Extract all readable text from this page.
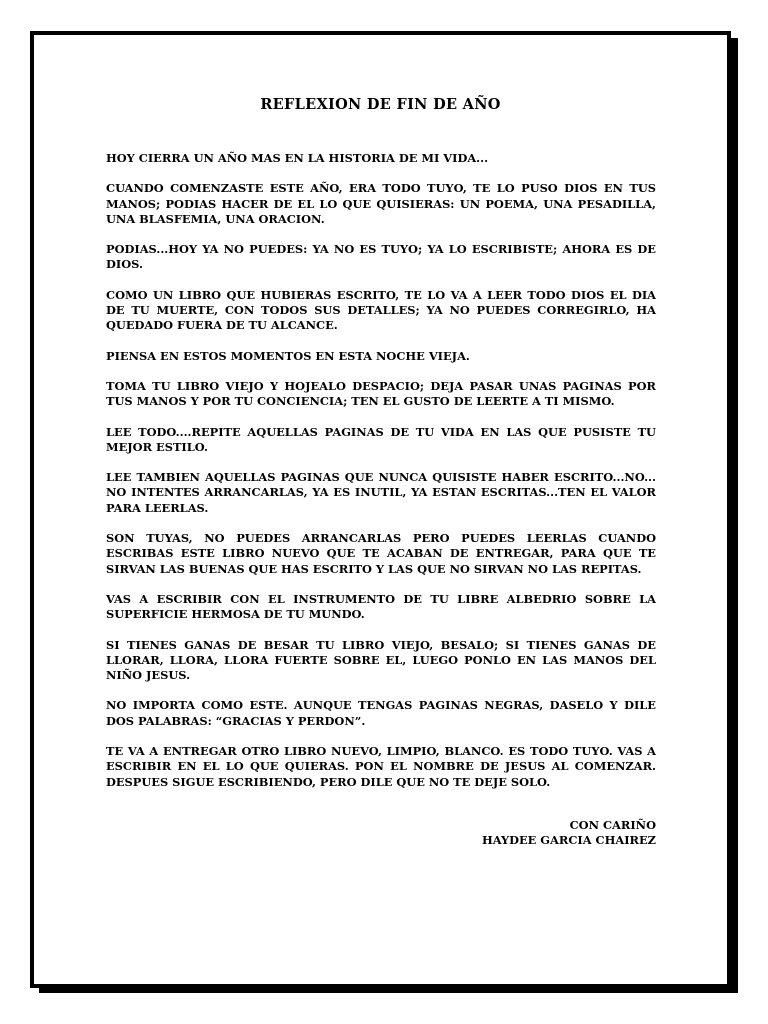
REFLEXION DE FIN DE AÑO

HOY CIERRA UN AÑO MAS EN LA HISTORIA DE MI VIDA...

CUANDO COMENZASTE ESTE AÑO, ERA TODO TUYO, TE LO PUSO DIOS EN TUS MANOS; PODIAS HACER DE EL LO QUE QUISIERAS: UN POEMA, UNA PESADILLA, UNA BLASFEMIA, UNA ORACION.

PODIAS...HOY YA NO PUEDES: YA NO ES TUYO; YA LO ESCRIBISTE; AHORA ES DE DIOS.

COMO UN LIBRO QUE HUBIERAS ESCRITO, TE LO VA A LEER TODO DIOS EL DIA DE TU MUERTE, CON TODOS SUS DETALLES; YA NO PUEDES CORREGIRLO, HA QUEDADO FUERA DE TU ALCANCE.

PIENSA EN ESTOS MOMENTOS EN ESTA NOCHE VIEJA.

TOMA TU LIBRO VIEJO Y HOJEALO DESPACIO; DEJA PASAR UNAS PAGINAS POR TUS MANOS Y POR TU CONCIENCIA; TEN EL GUSTO DE LEERTE A TI MISMO.

LEE TODO....REPITE AQUELLAS PAGINAS DE TU VIDA EN LAS QUE PUSISTE TU MEJOR ESTILO.

LEE TAMBIEN AQUELLAS PAGINAS QUE NUNCA QUISISTE HABER ESCRITO...NO... NO INTENTES ARRANCARLAS, YA ES INUTIL, YA ESTAN ESCRITAS...TEN EL VALOR PARA LEERLAS.

SON TUYAS, NO PUEDES ARRANCARLAS PERO PUEDES LEERLAS CUANDO ESCRIBAS ESTE LIBRO NUEVO QUE TE ACABAN DE ENTREGAR, PARA QUE TE SIRVAN LAS BUENAS QUE HAS ESCRITO Y LAS QUE NO SIRVAN NO LAS REPITAS.

VAS A ESCRIBIR CON EL INSTRUMENTO DE TU LIBRE ALBEDRIO SOBRE LA SUPERFICIE HERMOSA DE TU MUNDO.

SI TIENES GANAS DE BESAR TU LIBRO VIEJO, BESALO; SI TIENES GANAS DE LLORAR, LLORA, LLORA FUERTE SOBRE EL, LUEGO PONLO EN LAS MANOS DEL NIÑO JESUS.

NO IMPORTA COMO ESTE. AUNQUE TENGAS PAGINAS NEGRAS, DASELO Y DILE DOS PALABRAS: “GRACIAS Y PERDON”.

TE VA A ENTREGAR OTRO LIBRO NUEVO, LIMPIO, BLANCO. ES TODO TUYO. VAS A ESCRIBIR EN EL LO QUE QUIERAS. PON EL NOMBRE DE JESUS AL COMENZAR. DESPUES SIGUE ESCRIBIENDO, PERO DILE QUE NO TE DEJE SOLO.

CON CARIÑO
HAYDEE GARCIA CHAIREZ
